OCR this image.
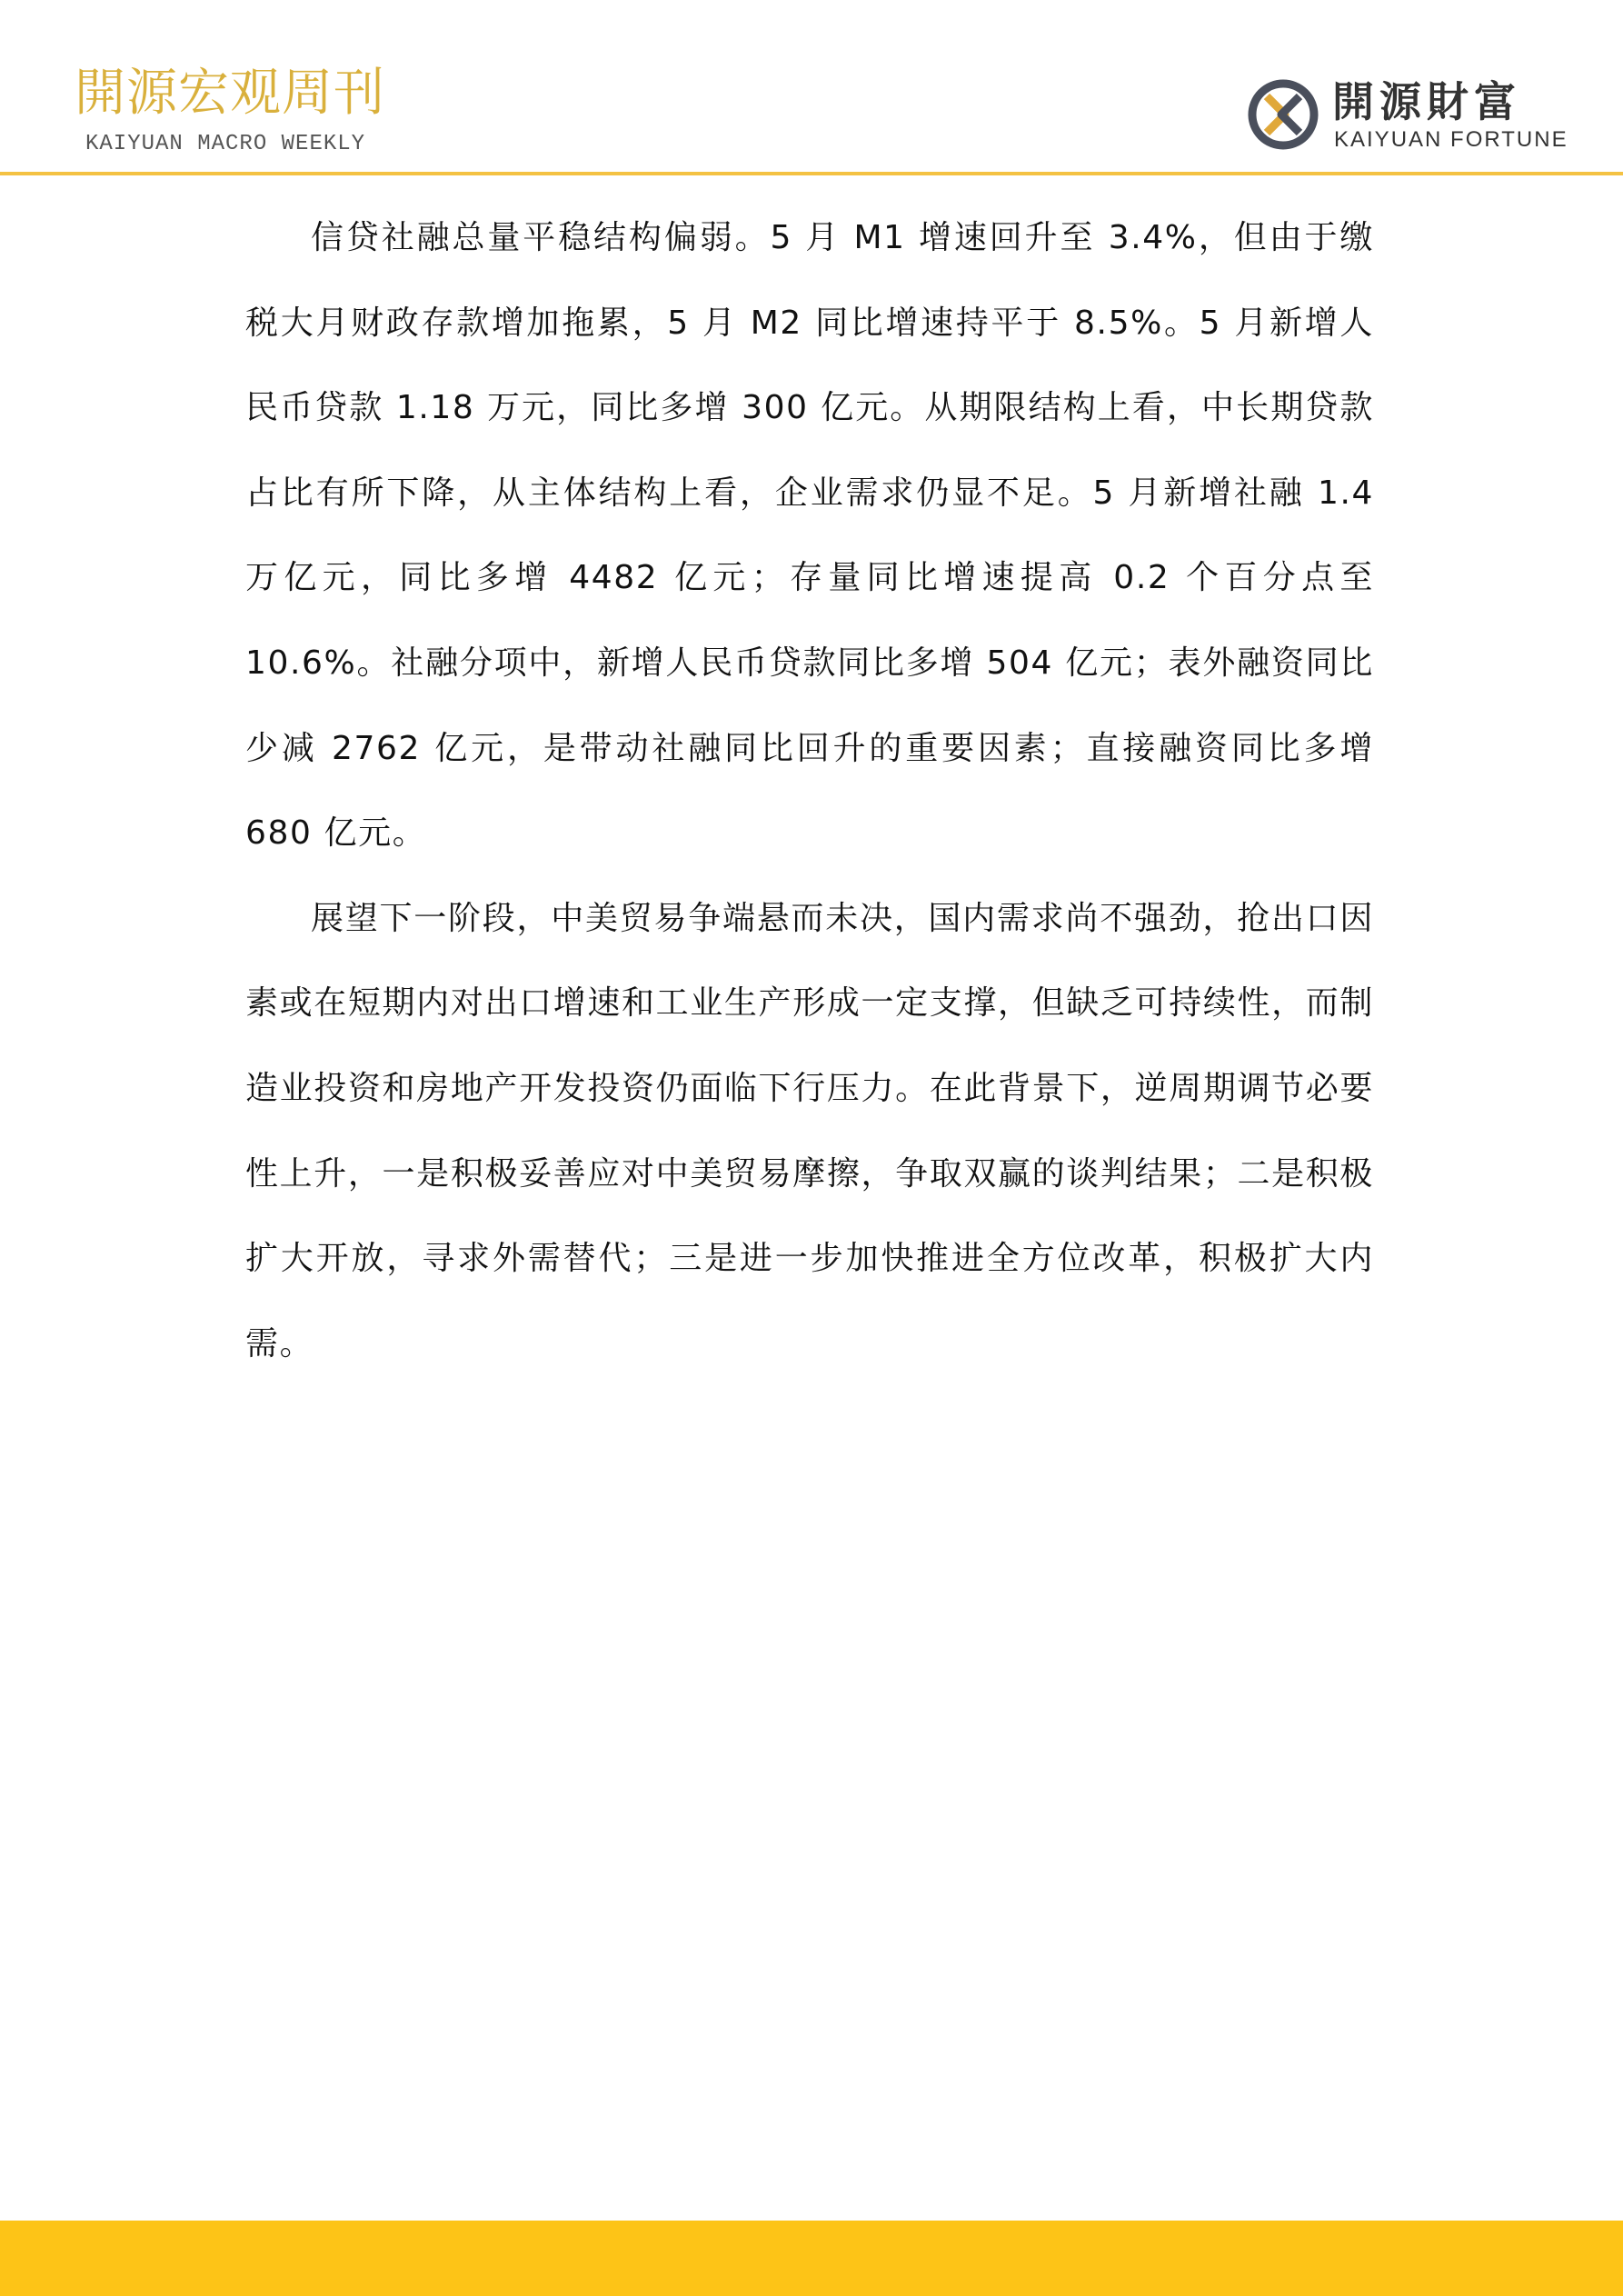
開源宏观周刊
KAIYUAN MACRO WEEKLY
開源財富
KAIYUAN FORTUNE

信贷社融总量平稳结构偏弱。5 月 M1 增速回升至 3.4%，但由于缴税大月财政存款增加拖累，5 月 M2 同比增速持平于 8.5%。5 月新增人民币贷款 1.18 万元，同比多增 300 亿元。从期限结构上看，中长期贷款占比有所下降，从主体结构上看，企业需求仍显不足。5 月新增社融 1.4 万亿元，同比多增 4482 亿元；存量同比增速提高 0.2 个百分点至 10.6%。社融分项中，新增人民币贷款同比多增 504 亿元；表外融资同比少减 2762 亿元，是带动社融同比回升的重要因素；直接融资同比多增 680 亿元。

展望下一阶段，中美贸易争端悬而未决，国内需求尚不强劲，抢出口因素或在短期内对出口增速和工业生产形成一定支撑，但缺乏可持续性，而制造业投资和房地产开发投资仍面临下行压力。在此背景下，逆周期调节必要性上升，一是积极妥善应对中美贸易摩擦，争取双赢的谈判结果；二是积极扩大开放，寻求外需替代；三是进一步加快推进全方位改革，积极扩大内需。
